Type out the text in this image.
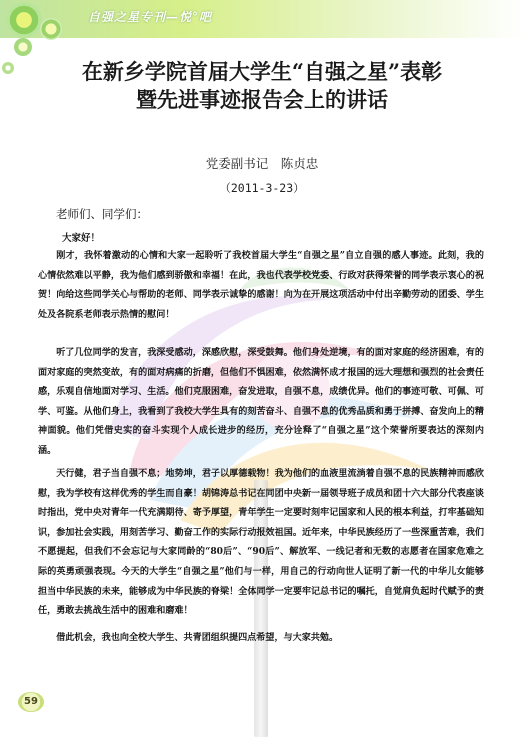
自强之星专刊—悦°吧
在新乡学院首届大学生“自强之星”表彰
暨先进事迹报告会上的讲话
党委副书记　陈贞忠
（2011-3-23）
老师们、同学们：
大家好！
刚才，我怀着激动的心情和大家一起聆听了我校首届大学生“自强之星”自立自强的感人事迹。此刻，我的心情依然难以平静，我为他们感到骄傲和幸福！在此，我也代表学校党委、行政对获得荣誉的同学表示衷心的祝贺！向给这些同学关心与帮助的老师、同学表示诚挚的感谢！向为在开展这项活动中付出辛勤劳动的团委、学生处及各院系老师表示热情的慰问！
听了几位同学的发言，我深受感动，深感欣慰，深受鼓舞。他们身处逆境，有的面对家庭的经济困难，有的面对家庭的突然变故，有的面对病痛的折磨，但他们不惧困难，依然满怀成才报国的远大理想和强烈的社会责任感，乐观自信地面对学习、生活。他们克服困难，奋发进取，自强不息，成绩优异。他们的事迹可敬、可佩、可学、可鉴。从他们身上，我看到了我校大学生具有的刻苦奋斗、自强不息的优秀品质和勇于拼搏、奋发向上的精神面貌。他们凭借史实的奋斗实现个人成长进步的经历，充分诠释了“自强之星”这个荣誉所要表达的深刻内涵。
天行健，君子当自强不息；地势坤，君子以厚德载物！我为他们的血液里流淌着自强不息的民族精神而感欣慰，我为学校有这样优秀的学生而自豪！胡锦涛总书记在同团中央新一届领导班子成员和团十六大部分代表座谈时指出，党中央对青年一代充满期待、寄予厚望，青年学生一定要时刻牢记国家和人民的根本利益，打牢基础知识，参加社会实践，用刻苦学习、勤奋工作的实际行动报效祖国。近年来，中华民族经历了一些深重苦难，我们不愿提起，但我们不会忘记与大家同龄的“80后”、“90后”、解放军、一线记者和无数的志愿者在国家危难之际的英勇顽强表现。今天的大学生“自强之星”他们与一样，用自己的行动向世人证明了新一代的中华儿女能够担当中华民族的未来，能够成为中华民族的脊梁！全体同学一定要牢记总书记的嘱托，自觉肩负起时代赋予的责任，勇敢去挑战生活中的困难和磨难！
借此机会，我也向全校大学生、共青团组织提四点希望，与大家共勉。
59
